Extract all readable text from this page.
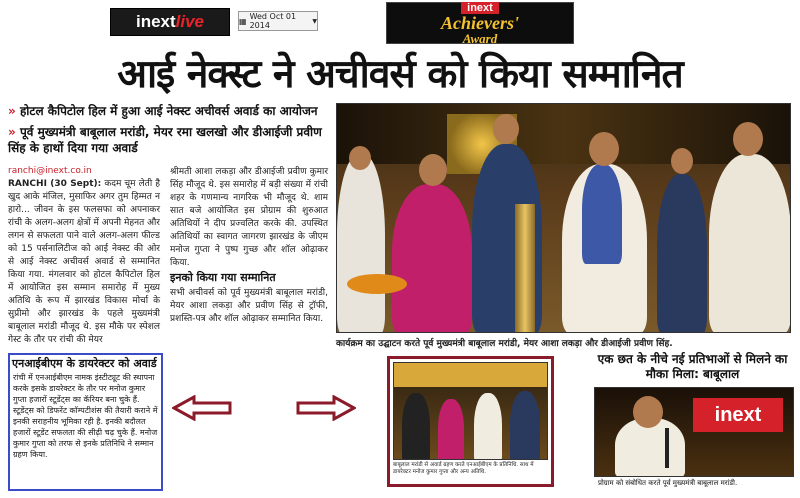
inext live	▦ Wed Oct 01 2014	▼
inext
Achievers'
Award
आई नेक्स्ट ने अचीवर्स को किया सम्मानित
» होटल कैपिटोल हिल में हुआ आई नेक्स्ट अचीवर्स अवार्ड का आयोजन
» पूर्व मुख्यमंत्री बाबूलाल मरांडी, मेयर रमा खलखो और डीआईजी प्रवीण सिंह के हाथों दिया गया अवार्ड
ranchi@inext.co.in
RANCHI (30 Sept): कदम चूम लेती है खुद आके मंजिल, मुसाफिर अगर तुम हिम्मत न हारो... जीवन के इस फलसफा को अपनाकर रांची के अलग-अलग क्षेत्रों में अपनी मेहनत और लगन से सफलता पाने वाले अलग-अलग फील्ड को 15 पर्सनालिटीज को आई नेक्स्ट की ओर से आई नेक्स्ट अचीवर्स अवार्ड से सम्मानित किया गया. मंगलवार को होटल कैपिटोल हिल में आयोजित इस सम्मान समारोह में मुख्य अतिथि के रूप में झारखंड विकास मोर्चा के सुप्रीमो और झारखंड के पहले मुख्यमंत्री बाबूलाल मरांडी मौजूद थे. इस मौके पर स्पेशल गेस्ट के तौर पर रांची की मेयर
श्रीमती आशा लकड़ा और डीआईजी प्रवीण कुमार सिंह मौजूद थे. इस समारोह में बड़ी संख्या में रांची शहर के गणमान्य नागरिक भी मौजूद थे. शाम सात बजे आयोजित इस प्रोग्राम की शुरुआत अतिथियों ने दीप प्रज्वलित करके की. उपस्थित अतिथियों का स्वागत जागरण झारखंड के जीएम मनोज गुप्ता ने पुष्प गुच्छ और शॉल ओढ़ाकर किया.
इनको किया गया सम्मानित
सभी अचीवर्स को पूर्व मुख्यमंत्री बाबूलाल मरांडी, मेयर आशा लकड़ा और प्रवीण सिंह से ट्रॉफी, प्रशस्ति-पत्र और शॉल ओढ़ाकर सम्मानित किया.
कार्यक्रम का उद्घाटन करते पूर्व मुख्यमंत्री बाबूलाल मरांडी, मेयर आशा लकड़ा और डीआईजी प्रवीण सिंह.
एनआईबीएम के डायरेक्टर को अवार्ड
रांची में एनआईबीएम नामक इंस्टीट्यूट की स्थापना करके इसके डायरेक्टर के तौर पर मनोज कुमार गुप्ता हजारों स्टूडेंट्स का कॅरियर बना चुके हैं. स्टूडेंट्स को डिफरेंट कॉम्पटीशंस की तैयारी कराने में इनकी सराहनीय भूमिका रही है. इनकी बदौलत हजारों स्टूडेंट सफलता की सीढ़ी चढ़ चुके हैं. मनोज कुमार गुप्ता को तरफ से इनके प्रतिनिधि ने सम्मान ग्रहण किया.
बाबूलाल मरांडी से अवार्ड ग्रहण करते एनआईबीएम के प्रतिनिधि. साथ में डायरेक्टर मनोज कुमार गुप्ता और अन्य अतिथि.
एक छत के नीचे नई प्रतिभाओं से मिलने का मौका मिला: बाबूलाल
inext
प्रोग्राम को संबोधित करते पूर्व मुख्यमंत्री बाबूलाल मरांडी.
